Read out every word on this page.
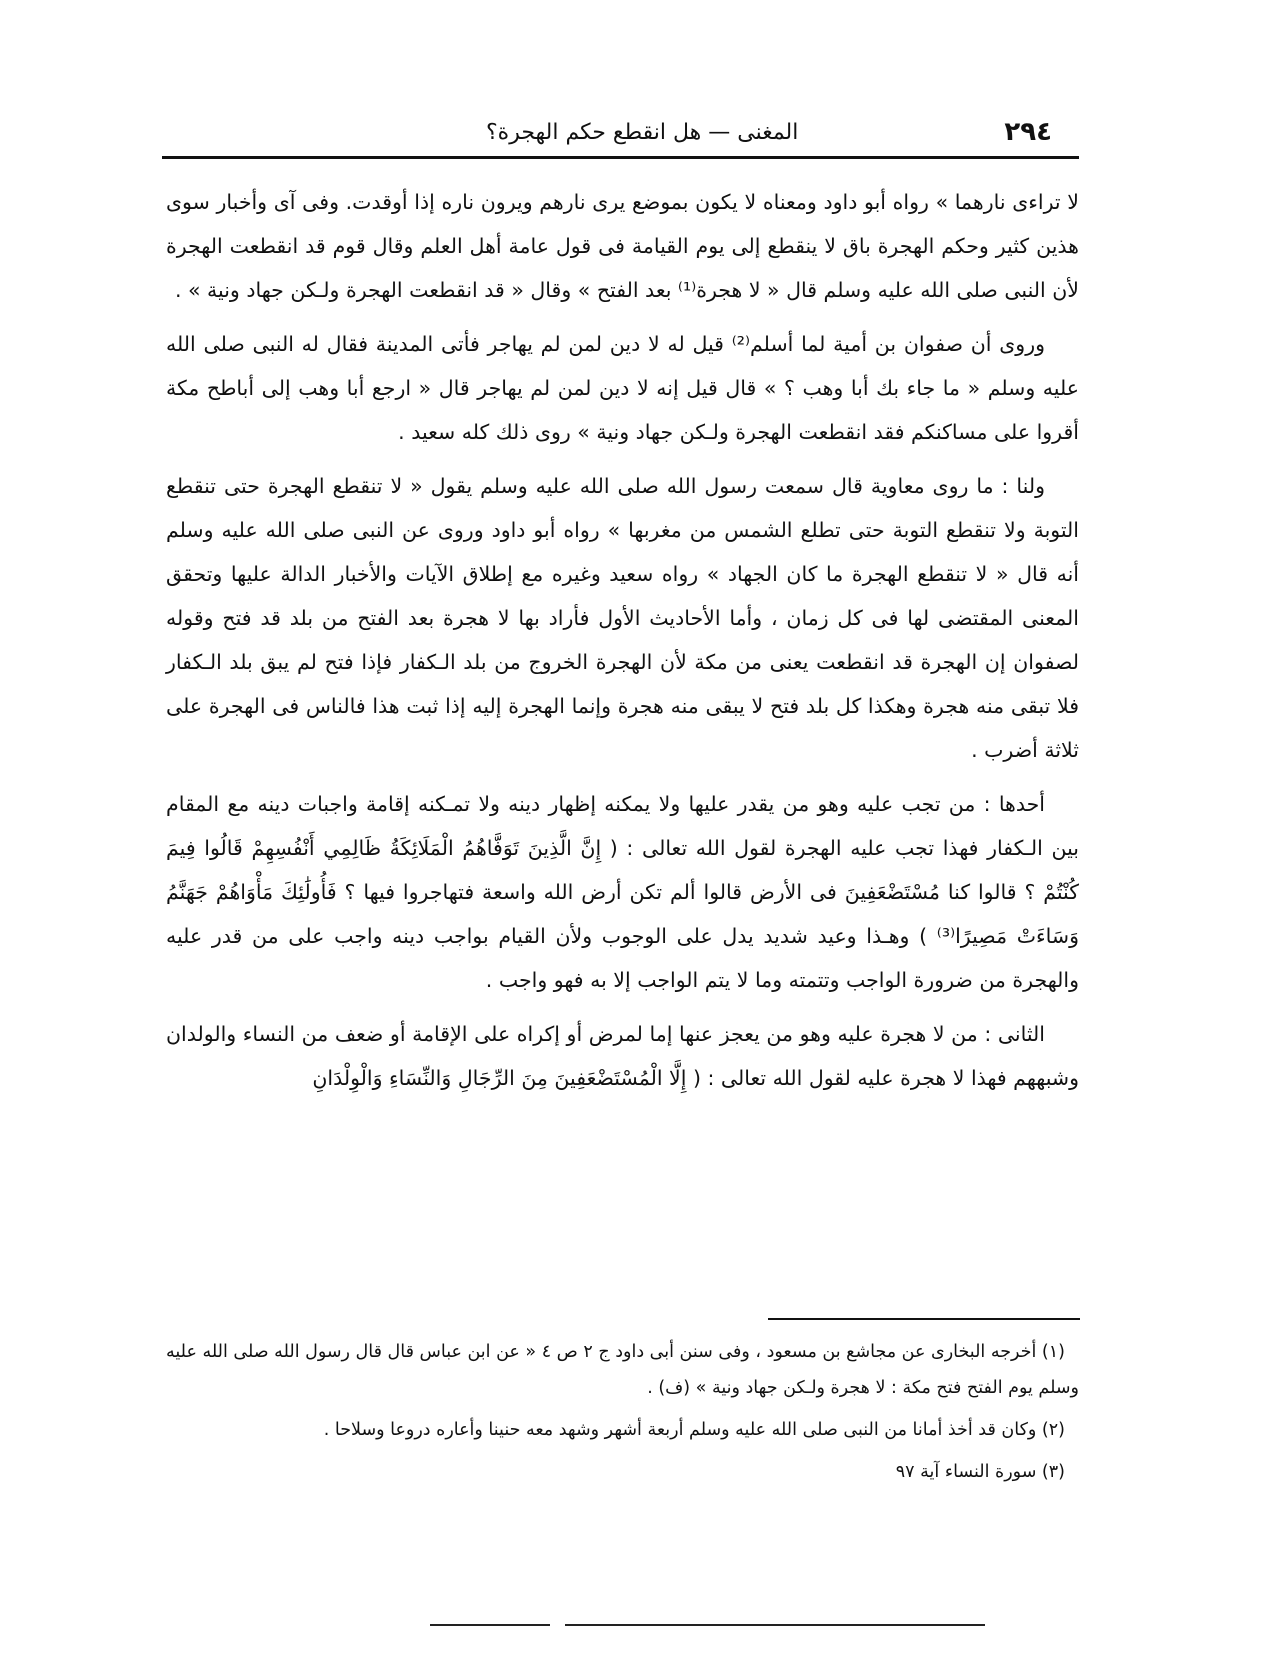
٢٩٤
المغنى — هل انقطع حكم الهجرة؟

لا تراءى نارهما » رواه أبو داود ومعناه لا يكون بموضع يرى نارهم ويرون ناره إذا أوقدت. وفى آى وأخبار سوى هذين كثير وحكم الهجرة باق لا ينقطع إلى يوم القيامة فى قول عامة أهل العلم وقال قوم قد انقطعت الهجرة لأن النبى صلى الله عليه وسلم قال « لا هجرة⁽¹⁾ بعد الفتح » وقال « قد انقطعت الهجرة ولـكن جهاد ونية » .

وروى أن صفوان بن أمية لما أسلم⁽²⁾ قيل له لا دين لمن لم يهاجر فأتى المدينة فقال له النبى صلى الله عليه وسلم « ما جاء بك أبا وهب ؟ » قال قيل إنه لا دين لمن لم يهاجر قال « ارجع أبا وهب إلى أباطح مكة أقروا على مساكنكم فقد انقطعت الهجرة ولـكن جهاد ونية » روى ذلك كله سعيد .

ولنا : ما روى معاوية قال سمعت رسول الله صلى الله عليه وسلم يقول « لا تنقطع الهجرة حتى تنقطع التوبة ولا تنقطع التوبة حتى تطلع الشمس من مغربها » رواه أبو داود وروى عن النبى صلى الله عليه وسلم أنه قال « لا تنقطع الهجرة ما كان الجهاد » رواه سعيد وغيره مع إطلاق الآيات والأخبار الدالة عليها وتحقق المعنى المقتضى لها فى كل زمان ، وأما الأحاديث الأول فأراد بها لا هجرة بعد الفتح من بلد قد فتح وقوله لصفوان إن الهجرة قد انقطعت يعنى من مكة لأن الهجرة الخروج من بلد الـكفار فإذا فتح لم يبق بلد الـكفار فلا تبقى منه هجرة وهكذا كل بلد فتح لا يبقى منه هجرة وإنما الهجرة إليه إذا ثبت هذا فالناس فى الهجرة على ثلاثة أضرب .

أحدها : من تجب عليه وهو من يقدر عليها ولا يمكنه إظهار دينه ولا تمـكنه إقامة واجبات دينه مع المقام بين الـكفار فهذا تجب عليه الهجرة لقول الله تعالى : ( إِنَّ الَّذِينَ تَوَفَّاهُمُ الْمَلَائِكَةُ ظَالِمِي أَنْفُسِهِمْ قَالُوا فِيمَ كُنْتُمْ ؟ قالوا كنا مُسْتَضْعَفِينَ فى الأرض قالوا ألم تكن أرض الله واسعة فتهاجروا فيها ؟ فَأُولَٰئِكَ مَأْوَاهُمْ جَهَنَّمُ وَسَاءَتْ مَصِيرًا⁽³⁾ ) وهـذا وعيد شديد يدل على الوجوب ولأن القيام بواجب دينه واجب على من قدر عليه والهجرة من ضرورة الواجب وتتمته وما لا يتم الواجب إلا به فهو واجب .

الثانى : من لا هجرة عليه وهو من يعجز عنها إما لمرض أو إكراه على الإقامة أو ضعف من النساء والولدان وشبههم فهذا لا هجرة عليه لقول الله تعالى : ( إِلَّا الْمُسْتَضْعَفِينَ مِنَ الرِّجَالِ وَالنِّسَاءِ وَالْوِلْدَانِ

(١) أخرجه البخارى عن مجاشع بن مسعود ، وفى سنن أبى داود ج ٢ ص ٤ « عن ابن عباس قال قال رسول الله صلى الله عليه وسلم يوم الفتح فتح مكة : لا هجرة ولـكن جهاد ونية » (ف) .

(٢) وكان قد أخذ أمانا من النبى صلى الله عليه وسلم أربعة أشهر وشهد معه حنينا وأعاره دروعا وسلاحا .

(٣) سورة النساء آية ٩٧
